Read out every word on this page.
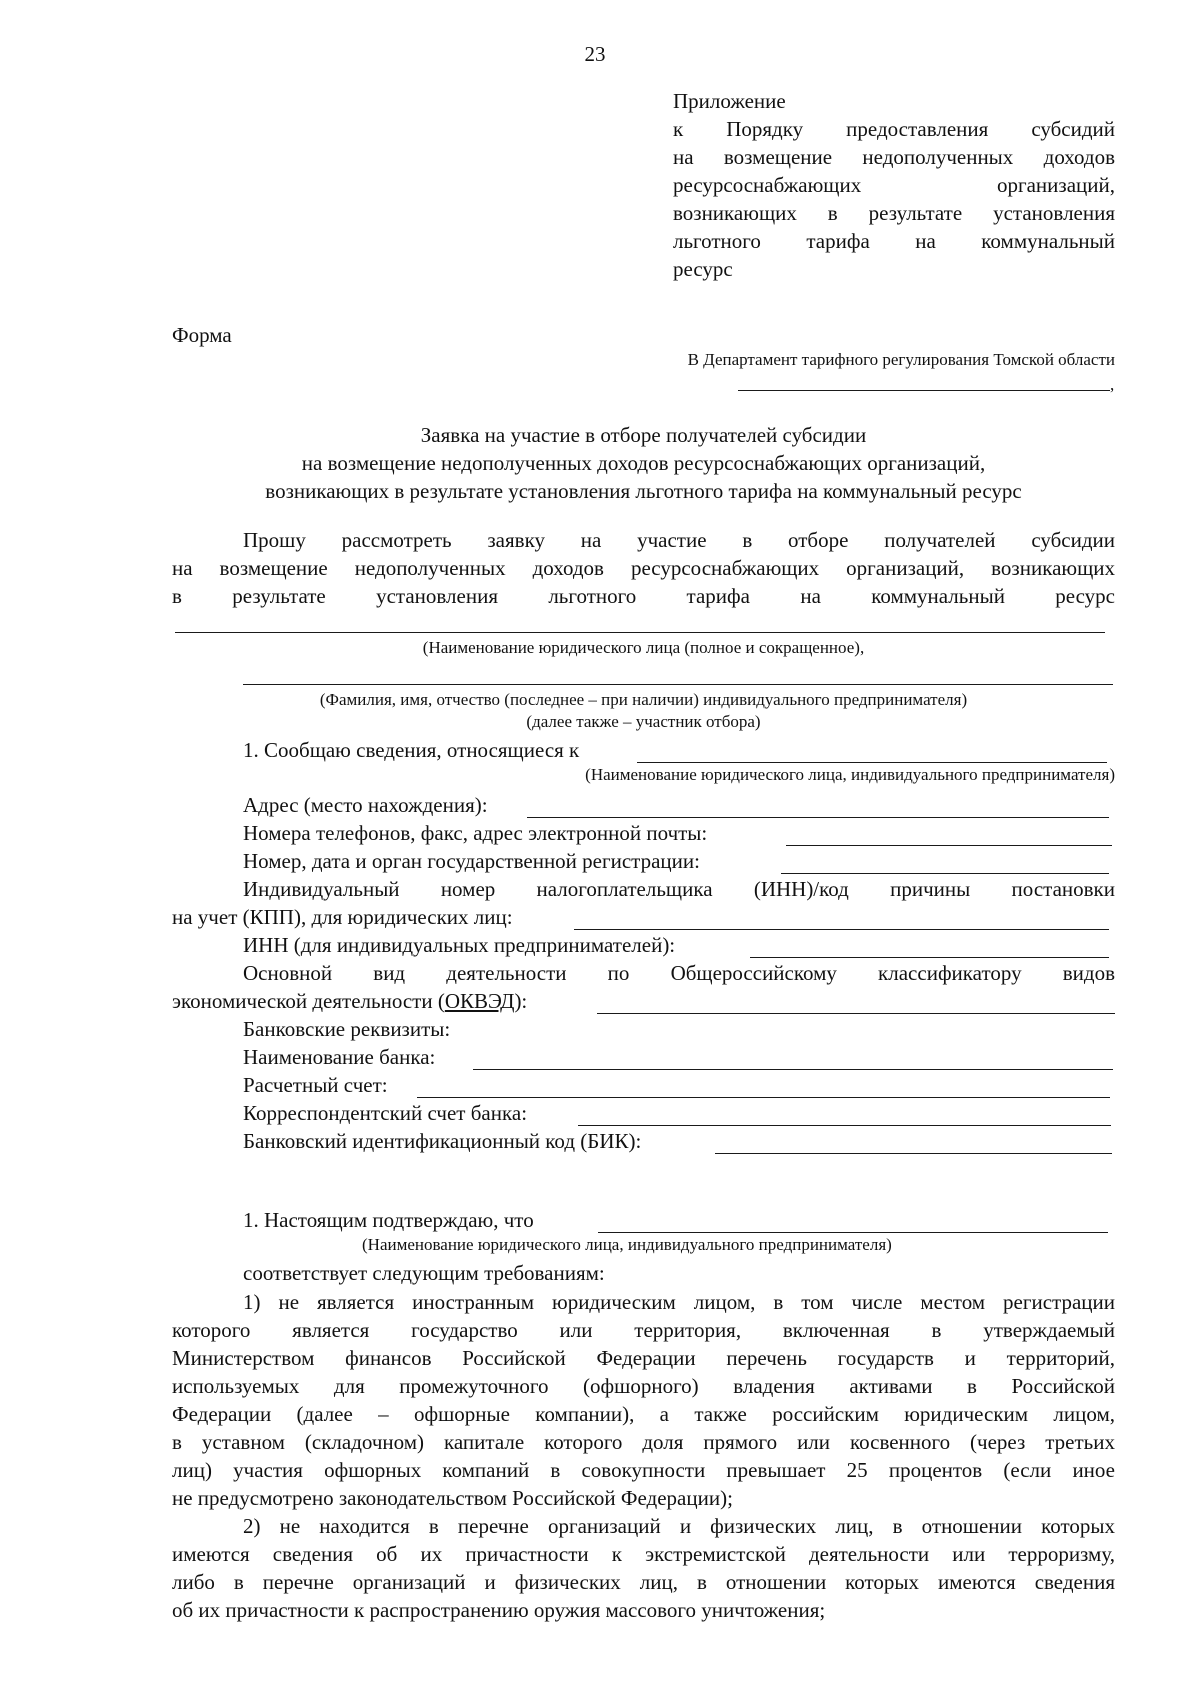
23
Приложение
к Порядку предоставления субсидий
на возмещение недополученных доходов
ресурсоснабжающих организаций,
возникающих в результате установления
льготного тарифа на коммунальный
ресурс
Форма
В Департамент тарифного регулирования Томской области
,
Заявка на участие в отборе получателей субсидии
на возмещение недополученных доходов ресурсоснабжающих организаций,
возникающих в результате установления льготного тарифа на коммунальный ресурс
Прошу рассмотреть заявку на участие в отборе получателей субсидии
на возмещение недополученных доходов ресурсоснабжающих организаций, возникающих
в результате установления льготного тарифа на коммунальный ресурс
(Наименование юридического лица (полное и сокращенное),
(Фамилия, имя, отчество (последнее – при наличии) индивидуального предпринимателя)
(далее также – участник отбора)
1. Сообщаю сведения, относящиеся к
(Наименование юридического лица, индивидуального предпринимателя)
Адрес (место нахождения):
Номера телефонов, факс, адрес электронной почты:
Номер, дата и орган государственной регистрации:
Индивидуальный номер налогоплательщика (ИНН)/код причины постановки
на учет (КПП), для юридических лиц:
ИНН (для индивидуальных предпринимателей):
Основной вид деятельности по Общероссийскому классификатору видов
экономической деятельности (ОКВЭД):
Банковские реквизиты:
Наименование банка:
Расчетный счет:
Корреспондентский счет банка:
Банковский идентификационный код (БИК):
1. Настоящим подтверждаю, что
(Наименование юридического лица, индивидуального предпринимателя)
соответствует следующим требованиям:
1) не является иностранным юридическим лицом, в том числе местом регистрации
которого является государство или территория, включенная в утверждаемый
Министерством финансов Российской Федерации перечень государств и территорий,
используемых для промежуточного (офшорного) владения активами в Российской
Федерации (далее – офшорные компании), а также российским юридическим лицом,
в уставном (складочном) капитале которого доля прямого или косвенного (через третьих
лиц) участия офшорных компаний в совокупности превышает 25 процентов (если иное
не предусмотрено законодательством Российской Федерации);
2) не находится в перечне организаций и физических лиц, в отношении которых
имеются сведения об их причастности к экстремистской деятельности или терроризму,
либо в перечне организаций и физических лиц, в отношении которых имеются сведения
об их причастности к распространению оружия массового уничтожения;
